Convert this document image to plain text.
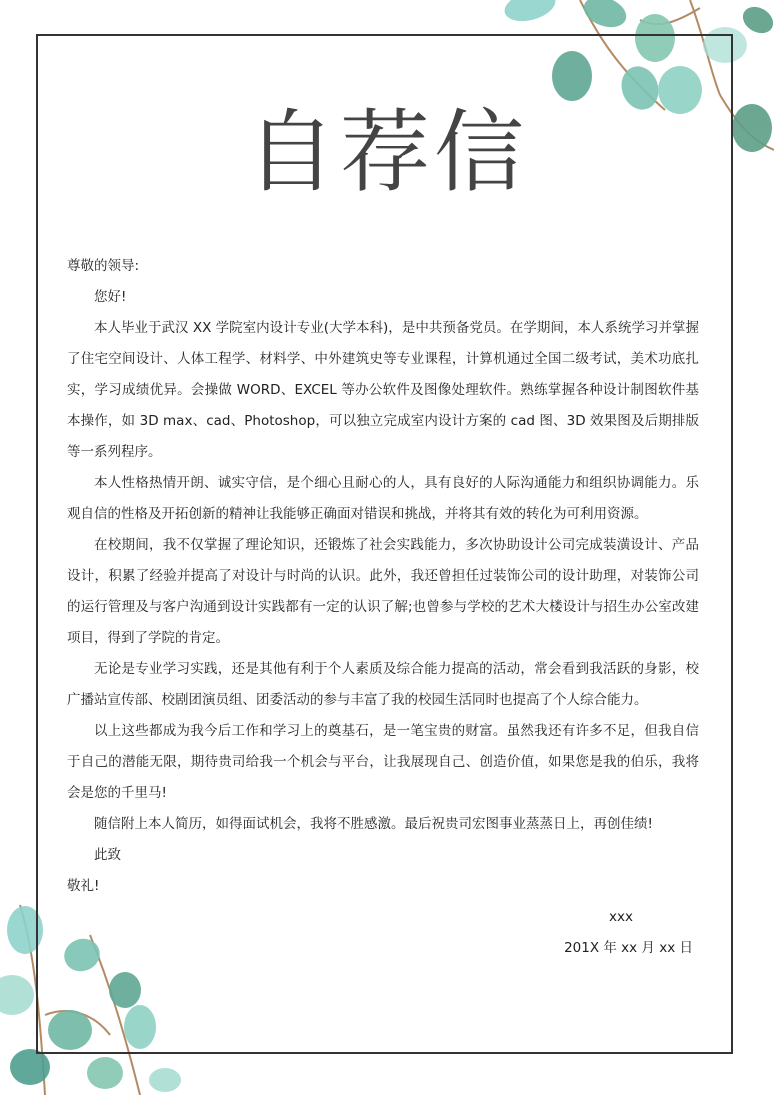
自荐信

尊敬的领导:

您好!

本人毕业于武汉 XX 学院室内设计专业(大学本科)，是中共预备党员。在学期间，本人系统学习并掌握了住宅空间设计、人体工程学、材料学、中外建筑史等专业课程，计算机通过全国二级考试，美术功底扎实，学习成绩优异。会操做 WORD、EXCEL 等办公软件及图像处理软件。熟练掌握各种设计制图软件基本操作，如 3D max、cad、Photoshop，可以独立完成室内设计方案的 cad 图、3D 效果图及后期排版等一系列程序。

本人性格热情开朗、诚实守信，是个细心且耐心的人，具有良好的人际沟通能力和组织协调能力。乐观自信的性格及开拓创新的精神让我能够正确面对错误和挑战，并将其有效的转化为可利用资源。

在校期间，我不仅掌握了理论知识，还锻炼了社会实践能力，多次协助设计公司完成装潢设计、产品设计，积累了经验并提高了对设计与时尚的认识。此外，我还曾担任过装饰公司的设计助理，对装饰公司的运行管理及与客户沟通到设计实践都有一定的认识了解;也曾参与学校的艺术大楼设计与招生办公室改建项目，得到了学院的肯定。

无论是专业学习实践，还是其他有利于个人素质及综合能力提高的活动，常会看到我活跃的身影，校广播站宣传部、校剧团演员组、团委活动的参与丰富了我的校园生活同时也提高了个人综合能力。

以上这些都成为我今后工作和学习上的奠基石，是一笔宝贵的财富。虽然我还有许多不足，但我自信于自己的潜能无限，期待贵司给我一个机会与平台，让我展现自己、创造价值，如果您是我的伯乐，我将会是您的千里马!

随信附上本人简历，如得面试机会，我将不胜感激。最后祝贵司宏图事业蒸蒸日上，再创佳绩!

此致

敬礼!

xxx

201X 年 xx 月 xx 日
